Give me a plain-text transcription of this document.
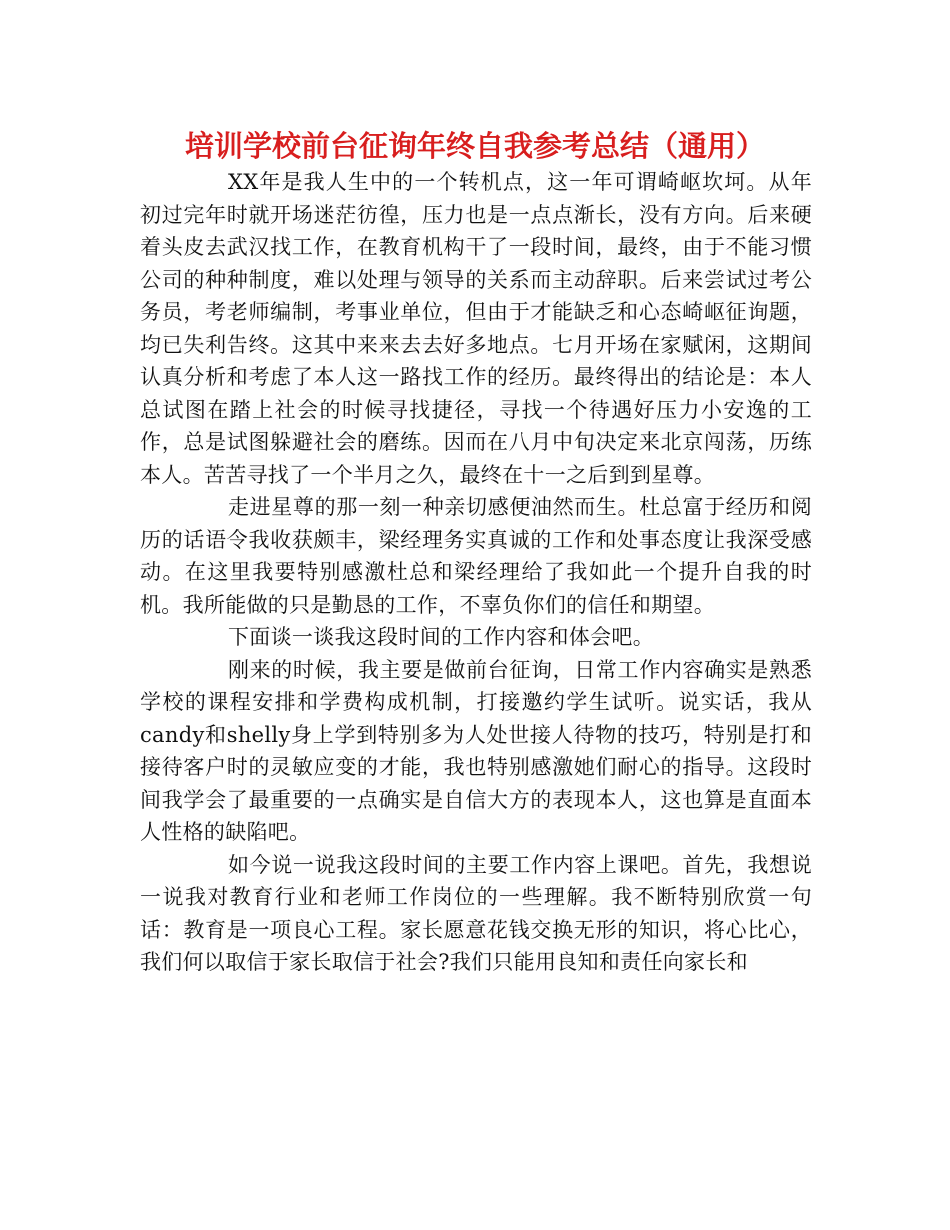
培训学校前台征询年终自我参考总结（通用）

XX年是我人生中的一个转机点，这一年可谓崎岖坎坷。从年初过完年时就开场迷茫彷徨，压力也是一点点渐长，没有方向。后来硬着头皮去武汉找工作，在教育机构干了一段时间，最终，由于不能习惯公司的种种制度，难以处理与领导的关系而主动辞职。后来尝试过考公务员，考老师编制，考事业单位，但由于才能缺乏和心态崎岖征询题，均已失利告终。这其中来来去去好多地点。七月开场在家赋闲，这期间认真分析和考虑了本人这一路找工作的经历。最终得出的结论是：本人总试图在踏上社会的时候寻找捷径，寻找一个待遇好压力小安逸的工作，总是试图躲避社会的磨练。因而在八月中旬决定来北京闯荡，历练本人。苦苦寻找了一个半月之久，最终在十一之后到到星尊。

走进星尊的那一刻一种亲切感便油然而生。杜总富于经历和阅历的话语令我收获颇丰，梁经理务实真诚的工作和处事态度让我深受感动。在这里我要特别感激杜总和梁经理给了我如此一个提升自我的时机。我所能做的只是勤恳的工作，不辜负你们的信任和期望。

下面谈一谈我这段时间的工作内容和体会吧。

刚来的时候，我主要是做前台征询，日常工作内容确实是熟悉学校的课程安排和学费构成机制，打接邀约学生试听。说实话，我从candy和shelly身上学到特别多为人处世接人待物的技巧，特别是打和接待客户时的灵敏应变的才能，我也特别感激她们耐心的指导。这段时间我学会了最重要的一点确实是自信大方的表现本人，这也算是直面本人性格的缺陷吧。

如今说一说我这段时间的主要工作内容上课吧。首先，我想说一说我对教育行业和老师工作岗位的一些理解。我不断特别欣赏一句话：教育是一项良心工程。家长愿意花钱交换无形的知识，将心比心，我们何以取信于家长取信于社会?我们只能用良知和责任向家长和
